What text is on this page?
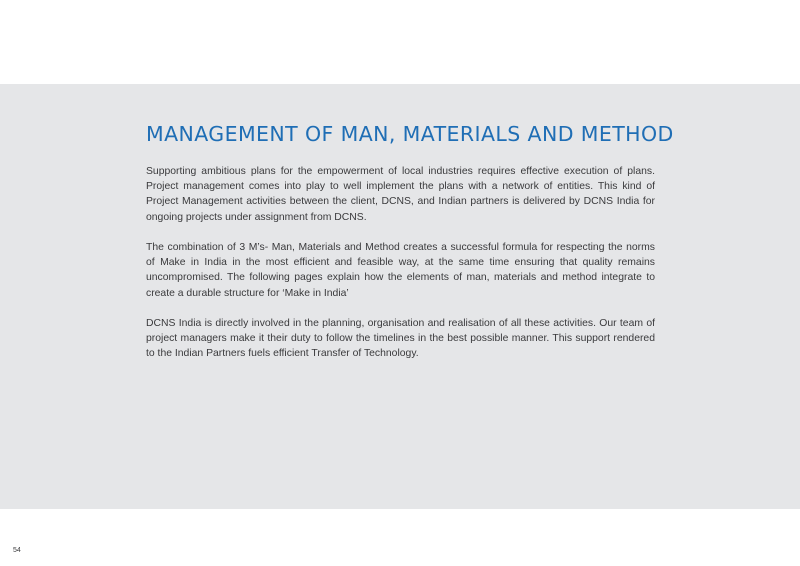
MANAGEMENT OF MAN, MATERIALS AND METHOD

Supporting ambitious plans for the empowerment of local industries requires effective execution of plans. Project management comes into play to well implement the plans with a network of entities. This kind of Project Management activities between the client, DCNS, and Indian partners is delivered by DCNS India for ongoing projects under assignment from DCNS.

The combination of 3 M’s- Man, Materials and Method creates a successful formula for respecting the norms of Make in India in the most efficient and feasible way, at the same time ensuring that quality remains uncompromised. The following pages explain how the elements of man, materials and method integrate to create a durable structure for ‘Make in India’

DCNS India is directly involved in the planning, organisation and realisation of all these activities. Our team of project managers make it their duty to follow the timelines in the best possible manner. This support rendered to the Indian Partners fuels efficient Transfer of Technology.

54
